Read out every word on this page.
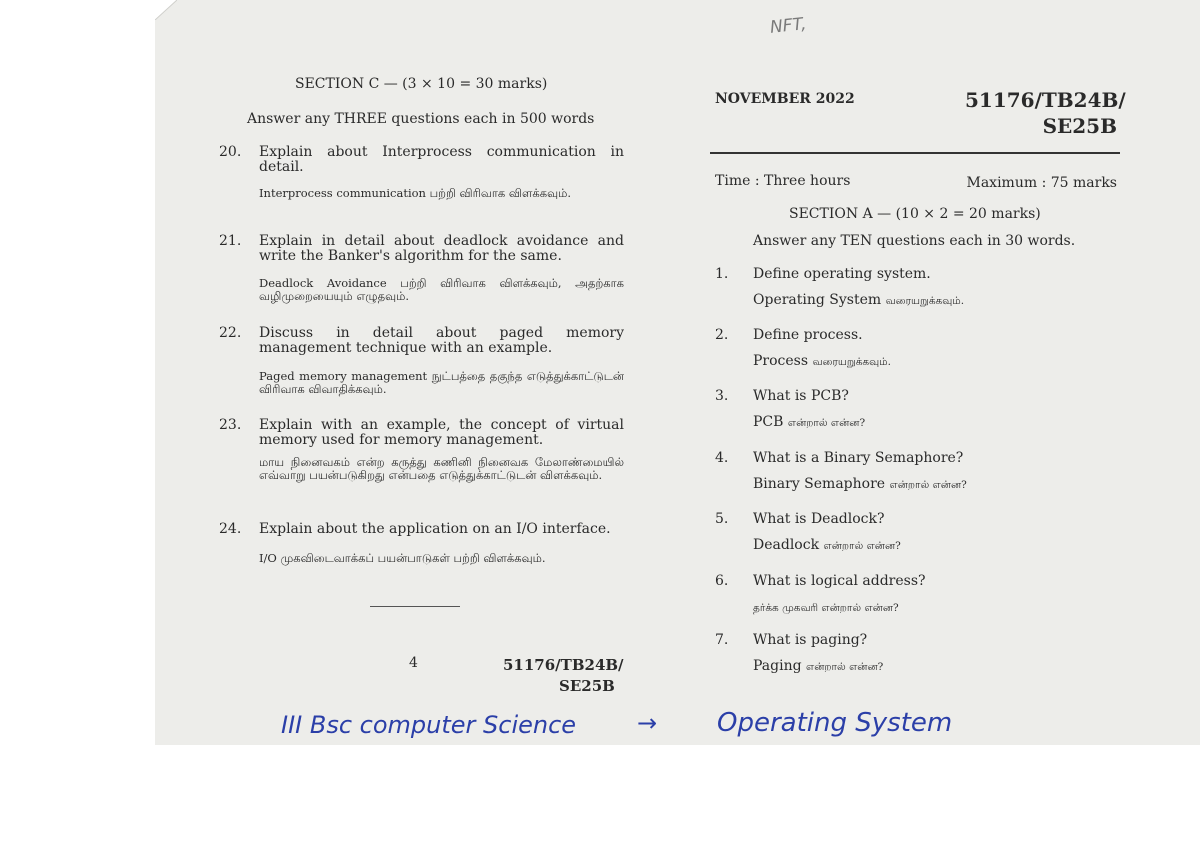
SECTION C — (3 × 10 = 30 marks)
Answer any THREE questions each in 500 words
20. Explain about Interprocess communication in detail.
Interprocess communication பற்றி விரிவாக விளக்கவும்.
21. Explain in detail about deadlock avoidance and write the Banker's algorithm for the same.
Deadlock Avoidance பற்றி விரிவாக விளக்கவும், அதற்காக வழிமுறையையும் எழுதவும்.
22. Discuss in detail about paged memory management technique with an example.
Paged memory management நுட்பத்தை தகுந்த எடுத்துக்காட்டுடன் விரிவாக விவாதிக்கவும்.
23. Explain with an example, the concept of virtual memory used for memory management.
மாய நினைவகம் என்ற கருத்து கணினி நினைவக மேலாண்மையில் எவ்வாறு பயன்படுகிறது என்பதை எடுத்துக்காட்டுடன் விளக்கவும்.
24. Explain about the application on an I/O interface.
I/O முகவிடைவாக்கப் பயன்பாடுகள் பற்றி விளக்கவும்.
4	51176/TB24B/
SE25B
NOVEMBER 2022	51176/TB24B/
SE25B
Time : Three hours	Maximum : 75 marks
SECTION A — (10 × 2 = 20 marks)
Answer any TEN questions each in 30 words.
1. Define operating system.
Operating System வரையறுக்கவும்.
2. Define process.
Process வரையறுக்கவும்.
3. What is PCB?
PCB என்றால் என்ன?
4. What is a Binary Semaphore?
Binary Semaphore என்றால் என்ன?
5. What is Deadlock?
Deadlock என்றால் என்ன?
6. What is logical address?
தர்க்க முகவரி என்றால் என்ன?
7. What is paging?
Paging என்றால் என்ன?
NFT,
III Bsc computer Science	→ Operating System
